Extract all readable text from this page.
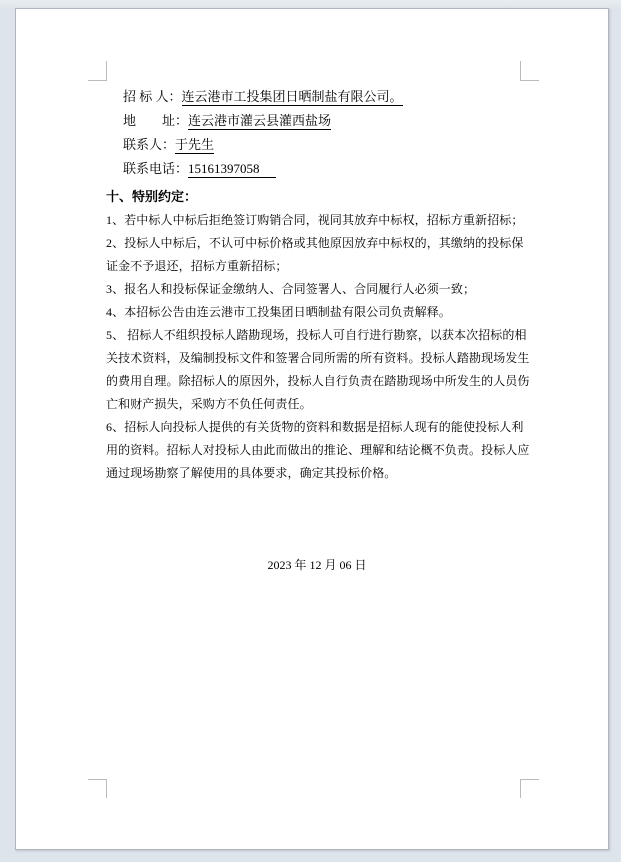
招 标 人：连云港市工投集团日晒制盐有限公司。
地　　址：连云港市灌云县灌西盐场
联系人：于先生
联系电话：15161397058
十、特别约定：
1、若中标人中标后拒绝签订购销合同，视同其放弃中标权，招标方重新招标；
2、投标人中标后，不认可中标价格或其他原因放弃中标权的，其缴纳的投标保
证金不予退还，招标方重新招标；
3、报名人和投标保证金缴纳人、合同签署人、合同履行人必须一致；
4、本招标公告由连云港市工投集团日晒制盐有限公司负责解释。
5、 招标人不组织投标人踏勘现场，投标人可自行进行勘察，以获本次招标的相
关技术资料，及编制投标文件和签署合同所需的所有资料。投标人踏勘现场发生
的费用自理。除招标人的原因外，投标人自行负责在踏勘现场中所发生的人员伤
亡和财产损失，采购方不负任何责任。
6、招标人向投标人提供的有关货物的资料和数据是招标人现有的能使投标人利
用的资料。招标人对投标人由此而做出的推论、理解和结论概不负责。投标人应
通过现场勘察了解使用的具体要求，确定其投标价格。
2023 年 12 月 06 日
